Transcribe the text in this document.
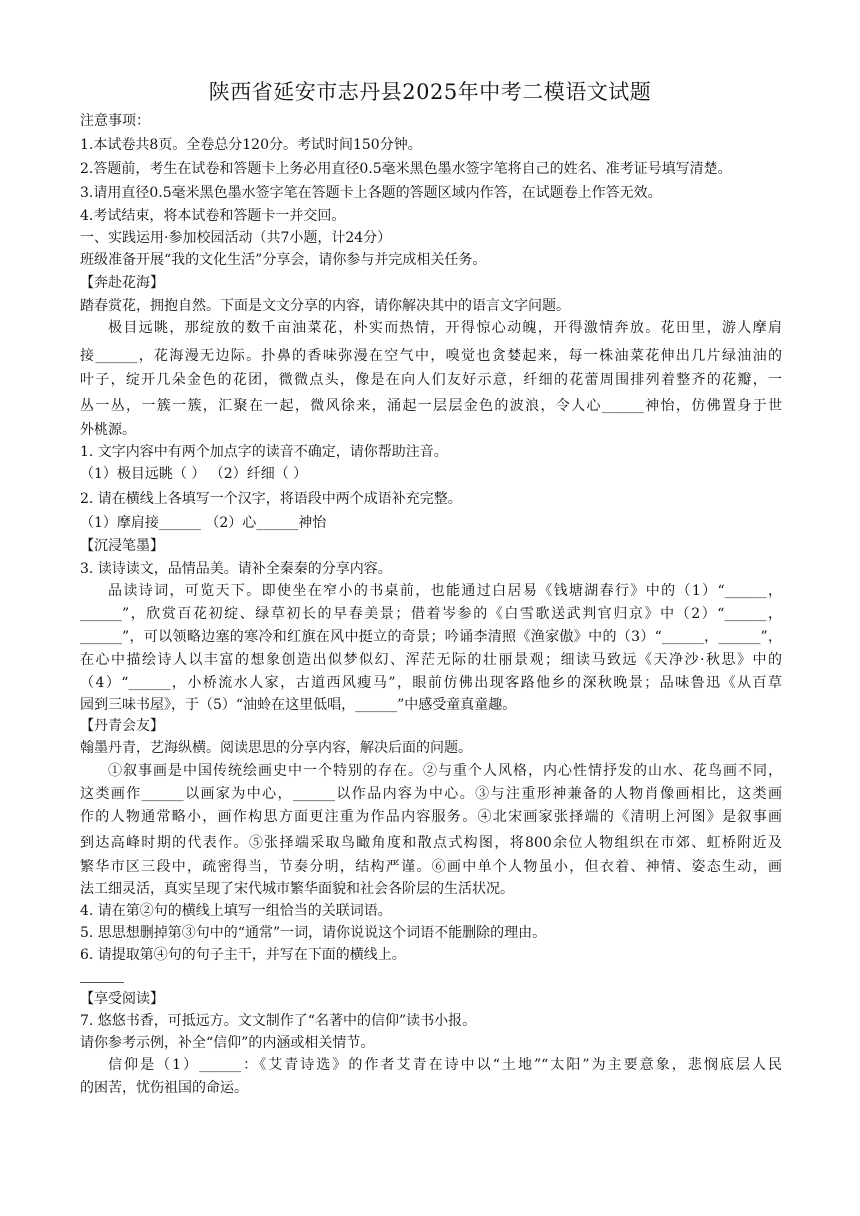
陕西省延安市志丹县2025年中考二模语文试题
注意事项：
1.本试卷共8页。全卷总分120分。考试时间150分钟。
2.答题前，考生在试卷和答题卡上务必用直径0.5毫米黑色墨水签字笔将自己的姓名、准考证号填写清楚。
3.请用直径0.5毫米黑色墨水签字笔在答题卡上各题的答题区域内作答，在试题卷上作答无效。
4.考试结束，将本试卷和答题卡一并交回。
一、实践运用·参加校园活动（共7小题，计24分）
班级准备开展“我的文化生活”分享会，请你参与并完成相关任务。
【奔赴花海】
踏春赏花，拥抱自然。下面是文文分享的内容，请你解决其中的语言文字问题。
极目远眺，那绽放的数千亩油菜花，朴实而热情，开得惊心动魄，开得激情奔放。花田里，游人摩肩
接______，花海漫无边际。扑鼻的香味弥漫在空气中，嗅觉也贪婪起来，每一株油菜花伸出几片绿油油的
叶子，绽开几朵金色的花团，微微点头，像是在向人们友好示意，纤细的花蕾周围排列着整齐的花瓣，一
丛一丛，一簇一簇，汇聚在一起，微风徐来，涌起一层层金色的波浪，令人心______神怡，仿佛置身于世
外桃源。
1. 文字内容中有两个加点字的读音不确定，请你帮助注音。
（1）极目远眺（ ） （2）纤细（ ）
2. 请在横线上各填写一个汉字，将语段中两个成语补充完整。
（1）摩肩接______ （2）心______神怡
【沉浸笔墨】
3. 读诗读文，品情品美。请补全秦秦的分享内容。
品读诗词，可览天下。即使坐在窄小的书桌前，也能通过白居易《钱塘湖春行》中的（1）“______，
______”，欣赏百花初绽、绿草初长的早春美景；借着岑参的《白雪歌送武判官归京》中（2）“______，
______”，可以领略边塞的寒冷和红旗在风中挺立的奇景；吟诵李清照《渔家傲》中的（3）“______，______”，
在心中描绘诗人以丰富的想象创造出似梦似幻、浑茫无际的壮丽景观；细读马致远《天净沙·秋思》中的
（4）“______，小桥流水人家，古道西风瘦马”，眼前仿佛出现客路他乡的深秋晚景；品味鲁迅《从百草
园到三味书屋》，于（5）“油蛉在这里低唱，______”中感受童真童趣。
【丹青会友】
翰墨丹青，艺海纵横。阅读思思的分享内容，解决后面的问题。
①叙事画是中国传统绘画史中一个特别的存在。②与重个人风格，内心性情抒发的山水、花鸟画不同，
这类画作______以画家为中心，______以作品内容为中心。③与注重形神兼备的人物肖像画相比，这类画
作的人物通常略小，画作构思方面更注重为作品内容服务。④北宋画家张择端的《清明上河图》是叙事画
到达高峰时期的代表作。⑤张择端采取鸟瞰角度和散点式构图，将800余位人物组织在市郊、虹桥附近及
繁华市区三段中，疏密得当，节奏分明，结构严谨。⑥画中单个人物虽小，但衣着、神情、姿态生动，画
法工细灵活，真实呈现了宋代城市繁华面貌和社会各阶层的生活状况。
4. 请在第②句的横线上填写一组恰当的关联词语。
5. 思思想删掉第③句中的“通常”一词，请你说说这个词语不能删除的理由。
6. 请提取第④句的句子主干，并写在下面的横线上。
【享受阅读】
7. 悠悠书香，可抵远方。文文制作了“名著中的信仰”读书小报。
请你参考示例，补全“信仰”的内涵或相关情节。
信仰是（1）______：《艾青诗选》的作者艾青在诗中以“土地”“太阳”为主要意象，悲悯底层人民
的困苦，忧伤祖国的命运。
